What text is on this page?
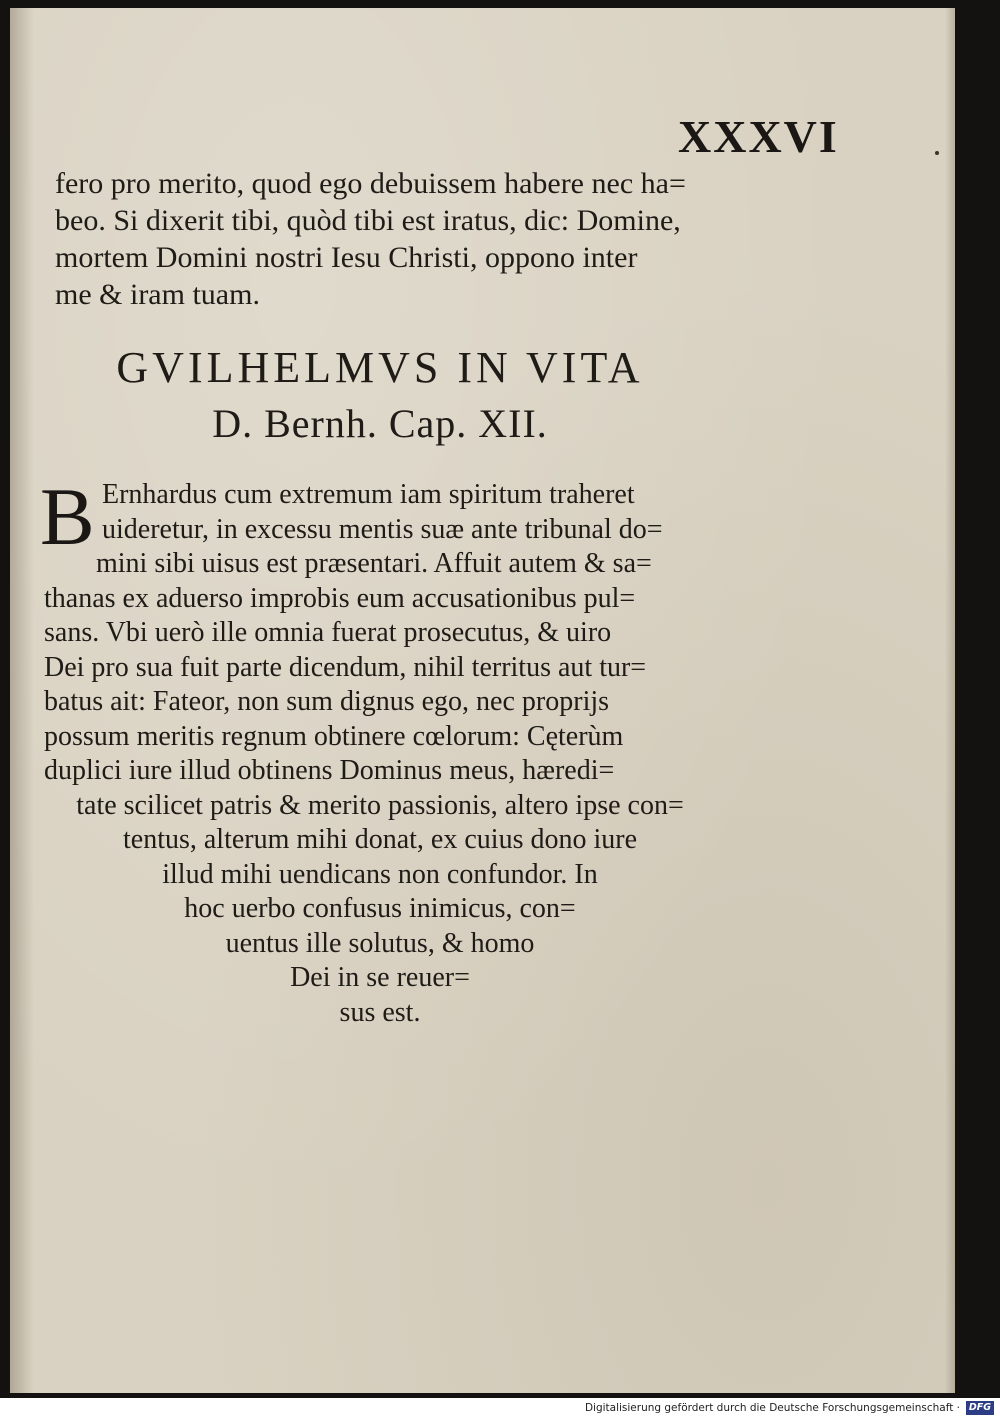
XXXVI
fero pro merito, quod ego debuissem habere nec ha=
beo. Si dixerit tibi, quòd tibi est iratus, dic: Domine,
mortem Domini nostri Iesu Christi, oppono inter
me & iram tuam.
GVILHELMVS IN VITA
D. Bernh. Cap. XII.
B Ernhardus cum extremum iam spiritum traheret
uideretur, in excessu mentis suæ ante tribunal do=
mini sibi uisus est præsentari. Affuit autem & sa=
thanas ex aduerso improbis eum accusationibus pul=
sans. Vbi uerò ille omnia fuerat prosecutus, & uiro
Dei pro sua fuit parte dicendum, nihil territus aut tur=
batus ait: Fateor, non sum dignus ego, nec proprijs
possum meritis regnum obtinere cœlorum: Cęterùm
duplici iure illud obtinens Dominus meus, hæredi=
tate scilicet patris & merito passionis, altero ipse con=
tentus, alterum mihi donat, ex cuius dono iure
illud mihi uendicans non confundor. In
hoc uerbo confusus inimicus, con=
uentus ille solutus, & homo
Dei in se reuer=
sus est.
Digitalisierung gefördert durch die Deutsche Forschungsgemeinschaft · DFG
